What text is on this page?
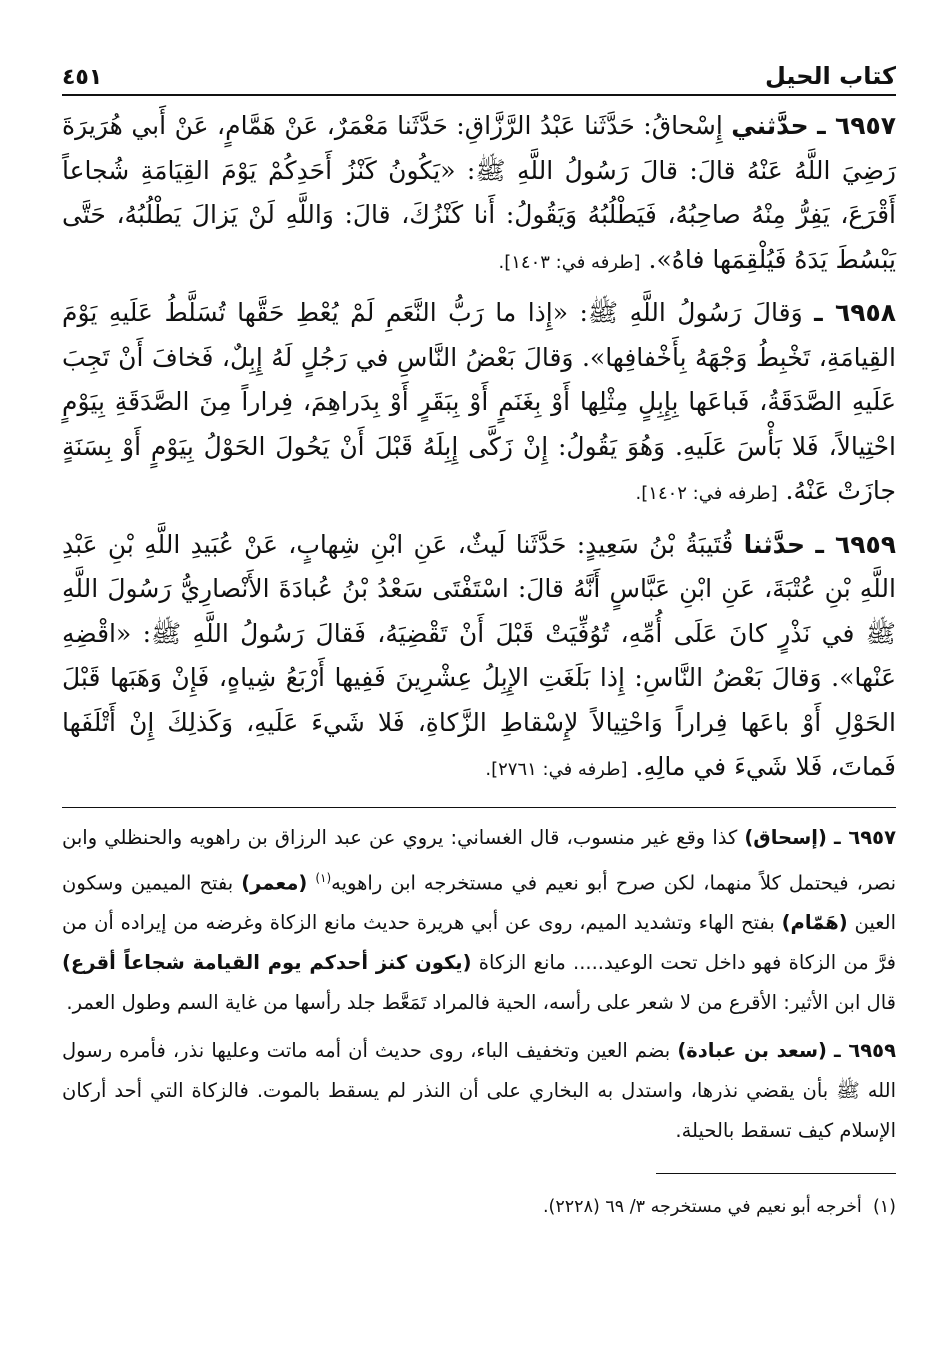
كتاب الحيل
٤٥١

٦٩٥٧ ـ حدَّثني إِسْحاقُ: حَدَّثَنا عَبْدُ الرَّزَّاقِ: حَدَّثَنا مَعْمَرٌ، عَنْ هَمَّامٍ، عَنْ أَبي هُرَيرَةَ رَضِيَ اللَّهُ عَنْهُ قالَ: قالَ رَسُولُ اللَّهِ ﷺ: «يَكُونُ كَنْزُ أَحَدِكُمْ يَوْمَ القِيَامَةِ شُجاعاً أَقْرَعَ، يَفِرُّ مِنْهُ صاحِبُهُ، فَيَطْلُبُهُ وَيَقُولُ: أَنا كَنْزُكَ، قالَ: وَاللَّهِ لَنْ يَزالَ يَطْلُبُهُ، حَتَّى يَبْسُطَ يَدَهُ فَيُلْقِمَها فاهُ». [طرفه في: ١٤٠٣].

٦٩٥٨ ـ وَقالَ رَسُولُ اللَّهِ ﷺ: «إِذا ما رَبُّ النَّعَمِ لَمْ يُعْطِ حَقَّها تُسَلَّطُ عَلَيهِ يَوْمَ القِيامَةِ، تَخْبِطُ وَجْهَهُ بِأَخْفافِها». وَقالَ بَعْضُ النَّاسِ في رَجُلٍ لَهُ إِبِلٌ، فَخافَ أَنْ تَجِبَ عَلَيهِ الصَّدَقَةُ، فَباعَها بِإِبِلٍ مِثْلِها أَوْ بِغَنَمٍ أَوْ بِبَقَرٍ أَوْ بِدَراهِمَ، فِراراً مِنَ الصَّدَقَةِ بِيَوْمٍ احْتِيالاً، فَلا بَأْسَ عَلَيهِ. وَهُوَ يَقُولُ: إِنْ زَكَّى إِبِلَهُ قَبْلَ أَنْ يَحُولَ الحَوْلُ بِيَوْمٍ أَوْ بِسَنَةٍ جازَتْ عَنْهُ. [طرفه في: ١٤٠٢].

٦٩٥٩ ـ حدَّثنا قُتَيبَةُ بْنُ سَعِيدٍ: حَدَّثَنا لَيثٌ، عَنِ ابْنِ شِهابٍ، عَنْ عُبَيدِ اللَّهِ بْنِ عَبْدِ اللَّهِ بْنِ عُتْبَةَ، عَنِ ابْنِ عَبَّاسٍ أَنَّهُ قالَ: اسْتَفْتَى سَعْدُ بْنُ عُبادَةَ الأَنْصارِيُّ رَسُولَ اللَّهِ ﷺ في نَذْرٍ كانَ عَلَى أُمِّهِ، تُوُفِّيَتْ قَبْلَ أَنْ تَقْضِيَهُ، فَقالَ رَسُولُ اللَّهِ ﷺ: «اقْضِهِ عَنْها». وَقالَ بَعْضُ النَّاسِ: إِذا بَلَغَتِ الإِبِلُ عِشْرِينَ فَفِيها أَرْبَعُ شِياهٍ، فَإِنْ وَهَبَها قَبْلَ الحَوْلِ أَوْ باعَها فِراراً وَاحْتِيالاً لإِسْقاطِ الزَّكاةِ، فَلا شَيءَ عَلَيهِ، وَكَذلِكَ إِنْ أَتْلَفَها فَماتَ، فَلا شَيءَ في مالِهِ. [طرفه في: ٢٧٦١].

٦٩٥٧ ـ (إسحاق) كذا وقع غير منسوب، قال الغساني: يروي عن عبد الرزاق بن راهويه والحنظلي وابن نصر، فيحتمل كلاً منهما، لكن صرح أبو نعيم في مستخرجه ابن راهويه$^{(١)}$ (معمر) بفتح الميمين وسكون العين (هَمّام) بفتح الهاء وتشديد الميم، روى عن أبي هريرة حديث مانع الزكاة وغرضه من إيراده أن من فرَّ من الزكاة فهو داخل تحت الوعيد..... مانع الزكاة (يكون كنز أحدكم يوم القيامة شجاعاً أقرع) قال ابن الأثير: الأقرع من لا شعر على رأسه، الحية فالمراد تَمَعَّط جلد رأسها من غاية السم وطول العمر.

٦٩٥٩ ـ (سعد بن عبادة) بضم العين وتخفيف الباء، روى حديث أن أمه ماتت وعليها نذر، فأمره رسول الله ﷺ بأن يقضي نذرها، واستدل به البخاري على أن النذر لم يسقط بالموت. فالزكاة التي أحد أركان الإسلام كيف تسقط بالحيلة.

(١)  أخرجه أبو نعيم في مستخرجه ٣/ ٦٩ (٢٢٢٨).
